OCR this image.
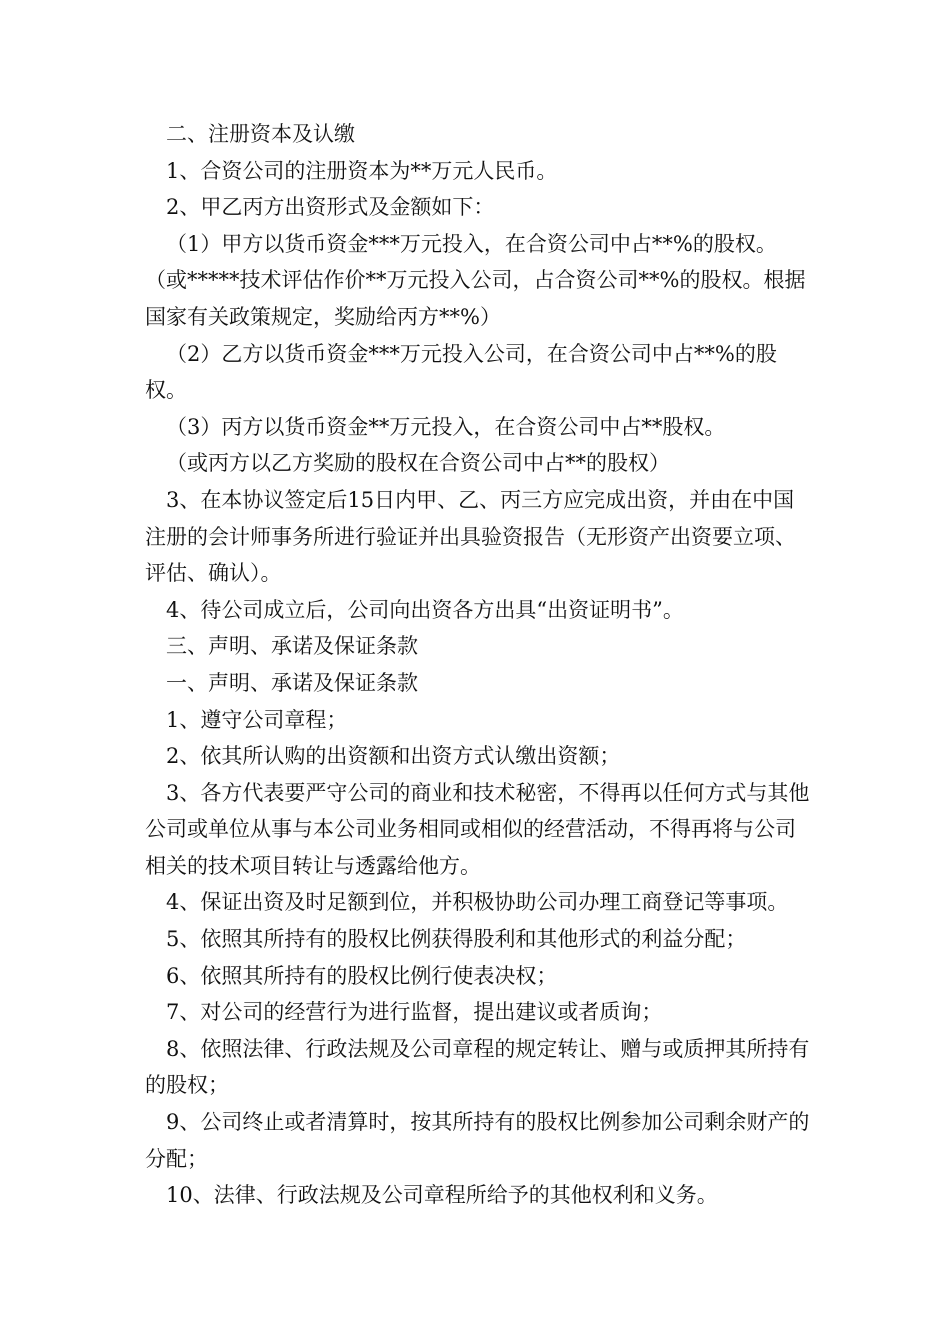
二、注册资本及认缴

1、合资公司的注册资本为**万元人民币。

2、甲乙丙方出资形式及金额如下：

（1）甲方以货币资金***万元投入，在合资公司中占**%的股权。

（或*****技术评估作价**万元投入公司，占合资公司**%的股权。根据国家有关政策规定，奖励给丙方**%）

（2）乙方以货币资金***万元投入公司，在合资公司中占**%的股权。

（3）丙方以货币资金**万元投入，在合资公司中占**股权。

（或丙方以乙方奖励的股权在合资公司中占**的股权）

3、在本协议签定后15日内甲、乙、丙三方应完成出资，并由在中国注册的会计师事务所进行验证并出具验资报告（无形资产出资要立项、评估、确认）。

4、待公司成立后，公司向出资各方出具“出资证明书”。

三、声明、承诺及保证条款

一、声明、承诺及保证条款

1、遵守公司章程；

2、依其所认购的出资额和出资方式认缴出资额；

3、各方代表要严守公司的商业和技术秘密，不得再以任何方式与其他公司或单位从事与本公司业务相同或相似的经营活动，不得再将与公司相关的技术项目转让与透露给他方。

4、保证出资及时足额到位，并积极协助公司办理工商登记等事项。

5、依照其所持有的股权比例获得股利和其他形式的利益分配；

6、依照其所持有的股权比例行使表决权；

7、对公司的经营行为进行监督，提出建议或者质询；

8、依照法律、行政法规及公司章程的规定转让、赠与或质押其所持有的股权；

9、公司终止或者清算时，按其所持有的股权比例参加公司剩余财产的分配；

10、法律、行政法规及公司章程所给予的其他权利和义务。
